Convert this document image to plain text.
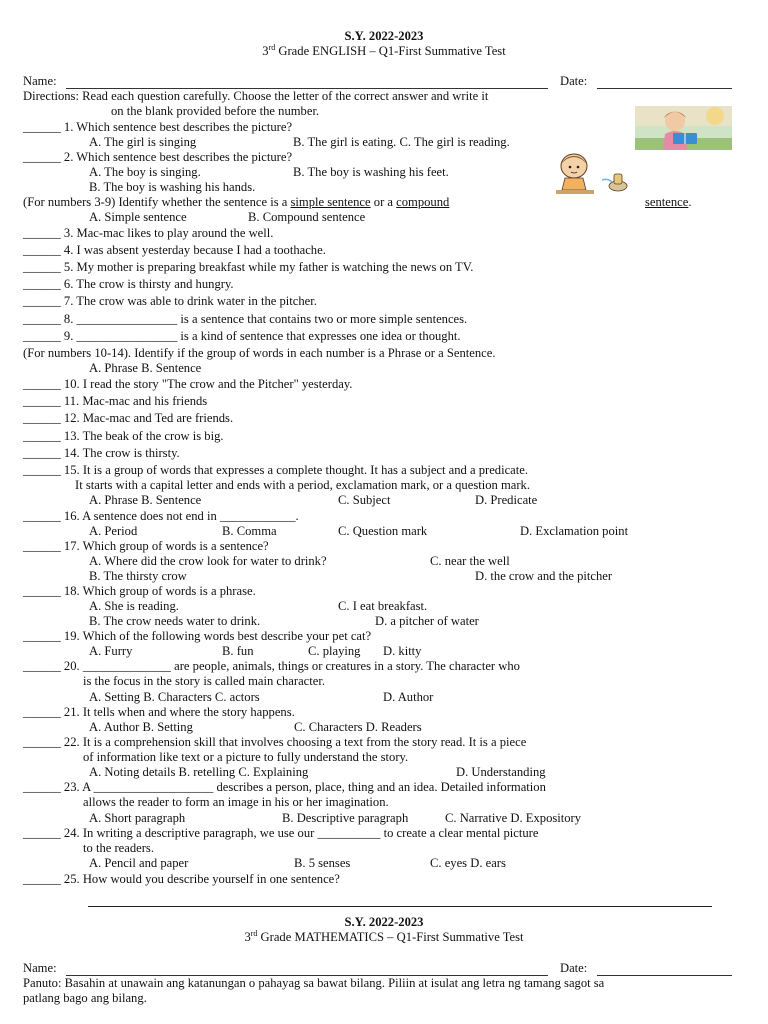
S.Y. 2022-2023
3rd Grade ENGLISH – Q1-First Summative Test
Name:	Date:
Directions: Read each question carefully. Choose the letter of the correct answer and write it
on the blank provided before the number.
______ 1. Which sentence best describes the picture?
A. The girl is singing	B. The girl is eating. C. The girl is reading.
______ 2. Which sentence best describes the picture?
A. The boy is singing.	B. The boy is washing his feet.
B. The boy is washing his hands.
A. Simple sentence	B. Compound sentence
______ 3. Mac-mac likes to play around the well.
______ 4. I was absent yesterday because I had a toothache.
______ 5. My mother is preparing breakfast while my father is watching the news on TV.
______ 6. The crow is thirsty and hungry.
______ 7. The crow was able to drink water in the pitcher.
______ 8. ________________ is a sentence that contains two or more simple sentences.
______ 9. ________________ is a kind of sentence that expresses one idea or thought.
(For numbers 10-14). Identify if the group of words in each number is a Phrase or a Sentence.
A. Phrase B. Sentence
______ 10. I read the story "The crow and the Pitcher" yesterday.
______ 11. Mac-mac and his friends
______ 12. Mac-mac and Ted are friends.
______ 13. The beak of the crow is big.
______ 14. The crow is thirsty.
______ 15. It is a group of words that expresses a complete thought. It has a subject and a predicate.
It starts with a capital letter and ends with a period, exclamation mark, or a question mark.
A. Phrase B. Sentence	C. Subject	D. Predicate
______ 16. A sentence does not end in ____________.
A. Period	B. Comma	C. Question mark	D. Exclamation point
______ 17. Which group of words is a sentence?
A. Where did the crow look for water to drink?	C. near the well
B. The thirsty crow	D. the crow and the pitcher
______ 18. Which group of words is a phrase.
A. She is reading.	C. I eat breakfast.
B. The crow needs water to drink.	D. a pitcher of water
______ 19. Which of the following words best describe your pet cat?
A. Furry	B. fun	C. playing D. kitty
______ 20. ______________ are people, animals, things or creatures in a story. The character who
is the focus in the story is called main character.
A. Setting B. Characters C. actors	D. Author
______ 21. It tells when and where the story happens.
A. Author B. Setting	C. Characters D. Readers
______ 22. It is a comprehension skill that involves choosing a text from the story read. It is a piece
of information like text or a picture to fully understand the story.
A. Noting details B. retelling C. Explaining	D. Understanding
______ 23. A ___________________ describes a person, place, thing and an idea. Detailed information
allows the reader to form an image in his or her imagination.
A. Short paragraph	B. Descriptive paragraph	C. Narrative D. Expository
______ 24. In writing a descriptive paragraph, we use our __________ to create a clear mental picture
to the readers.
A. Pencil and paper	B. 5 senses	C. eyes D. ears
______ 25. How would you describe yourself in one sentence?
(For numbers 3-9) Identify whether the sentence is a simple sentence or a compound	sentence.
S.Y. 2022-2023
3rd Grade MATHEMATICS – Q1-First Summative Test
Name:	Date:
Panuto: Basahin at unawain ang katanungan o pahayag sa bawat bilang. Piliin at isulat ang letra ng tamang sagot sa
patlang bago ang bilang.
